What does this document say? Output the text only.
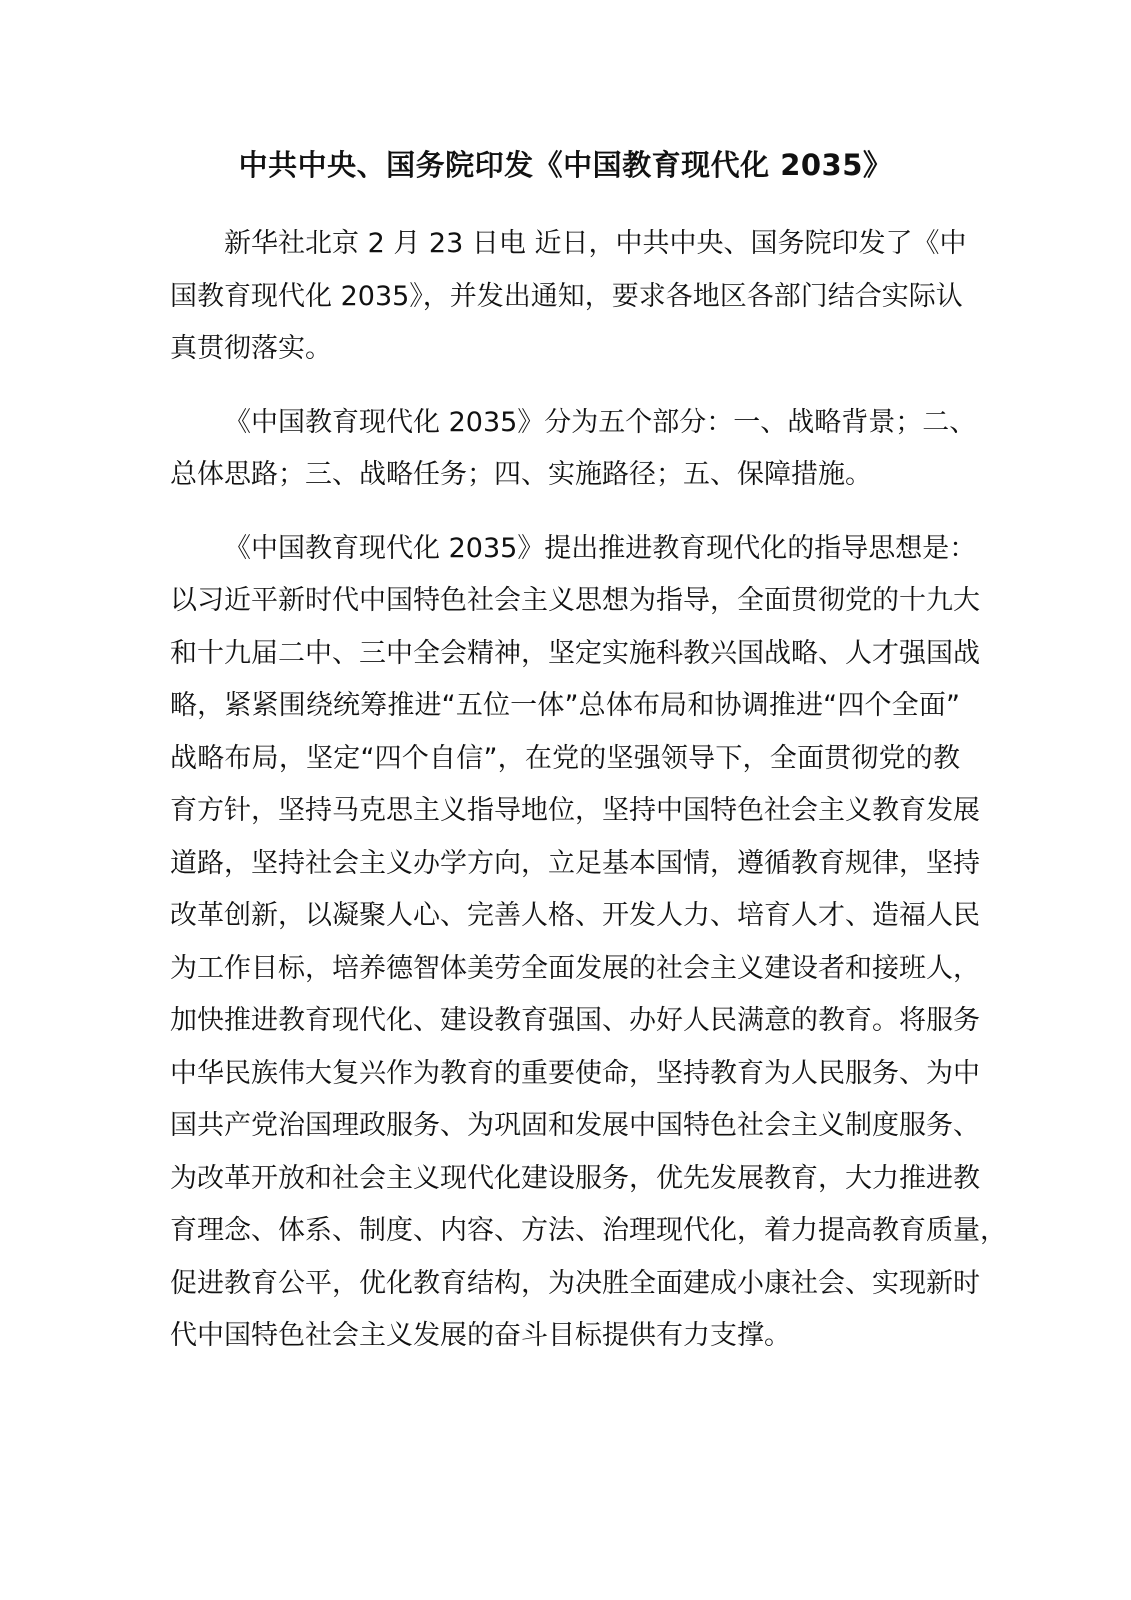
中共中央、国务院印发《中国教育现代化 2035》
新华社北京 2 月 23 日电 近日，中共中央、国务院印发了《中
国教育现代化 2035》，并发出通知，要求各地区各部门结合实际认
真贯彻落实。
《中国教育现代化 2035》分为五个部分：一、战略背景；二、
总体思路；三、战略任务；四、实施路径；五、保障措施。
《中国教育现代化 2035》提出推进教育现代化的指导思想是：
以习近平新时代中国特色社会主义思想为指导，全面贯彻党的十九大
和十九届二中、三中全会精神，坚定实施科教兴国战略、人才强国战
略，紧紧围绕统筹推进“五位一体”总体布局和协调推进“四个全面”
战略布局，坚定“四个自信”，在党的坚强领导下，全面贯彻党的教
育方针，坚持马克思主义指导地位，坚持中国特色社会主义教育发展
道路，坚持社会主义办学方向，立足基本国情，遵循教育规律，坚持
改革创新，以凝聚人心、完善人格、开发人力、培育人才、造福人民
为工作目标，培养德智体美劳全面发展的社会主义建设者和接班人，
加快推进教育现代化、建设教育强国、办好人民满意的教育。将服务
中华民族伟大复兴作为教育的重要使命，坚持教育为人民服务、为中
国共产党治国理政服务、为巩固和发展中国特色社会主义制度服务、
为改革开放和社会主义现代化建设服务，优先发展教育，大力推进教
育理念、体系、制度、内容、方法、治理现代化，着力提高教育质量，
促进教育公平，优化教育结构，为决胜全面建成小康社会、实现新时
代中国特色社会主义发展的奋斗目标提供有力支撑。
